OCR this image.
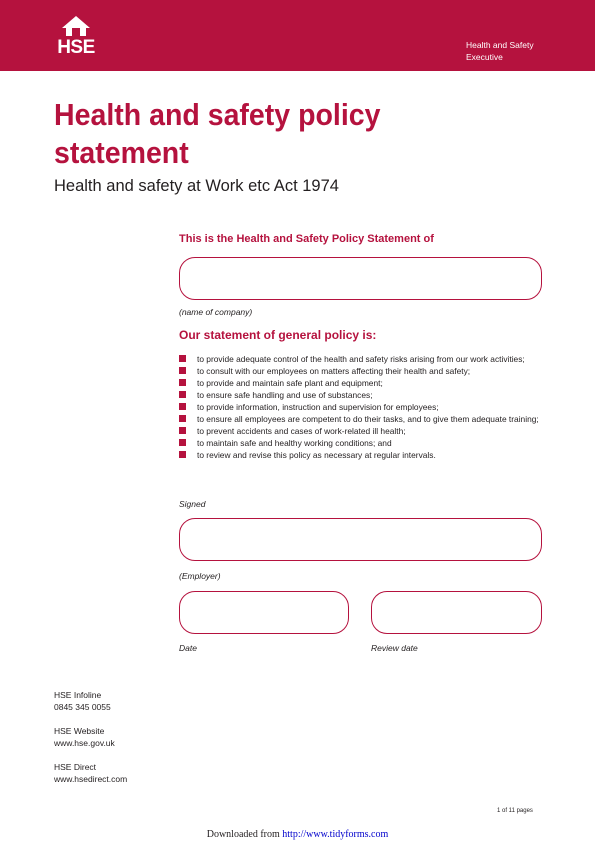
HSE	Health and Safety
Executive
Health and safety policy
statement
Health and safety at Work etc Act 1974
This is the Health and Safety Policy Statement of
(name of company)
Our statement of general policy is:
to provide adequate control of the health and safety risks arising from our work activities;
to consult with our employees on matters affecting their health and safety;
to provide and maintain safe plant and equipment;
to ensure safe handling and use of substances;
to provide information, instruction and supervision for employees;
to ensure all employees are competent to do their tasks, and to give them adequate training;
to prevent accidents and cases of work-related ill health;
to maintain safe and healthy working conditions; and
to review and revise this policy as necessary at regular intervals.
Signed
(Employer)
Date	Review date
HSE Infoline
0845 345 0055
HSE Website
www.hse.gov.uk
HSE Direct
www.hsedirect.com
1 of 11 pages
Downloaded from http://www.tidyforms.com
